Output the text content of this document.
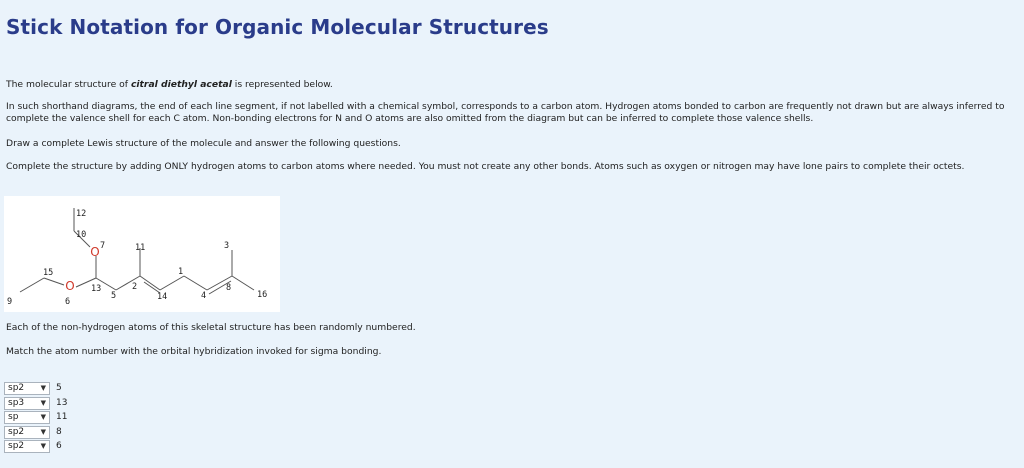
Stick Notation for Organic Molecular Structures

The molecular structure of citral diethyl acetal is represented below.

In such shorthand diagrams, the end of each line segment, if not labelled with a chemical symbol, corresponds to a carbon atom. Hydrogen atoms bonded to carbon are frequently not drawn but are always inferred to complete the valence shell for each C atom. Non-bonding electrons for N and O atoms are also omitted from the diagram but can be inferred to complete those valence shells.

Draw a complete Lewis structure of the molecule and answer the following questions.

Complete the structure by adding ONLY hydrogen atoms to carbon atoms where needed. You must not create any other bonds. Atoms such as oxygen or nitrogen may have lone pairs to complete their octets.

O
O
12
10
7	11	3
15	1
13	2
5	14	4
8
16
9	6

Each of the non-hydrogen atoms of this skeletal structure has been randomly numbered.

Match the atom number with the orbital hybridization invoked for sigma bonding.

sp2 ▼ 5
sp3 ▼ 13
sp	▼ 11
sp2 ▼ 8
sp2 ▼ 6
